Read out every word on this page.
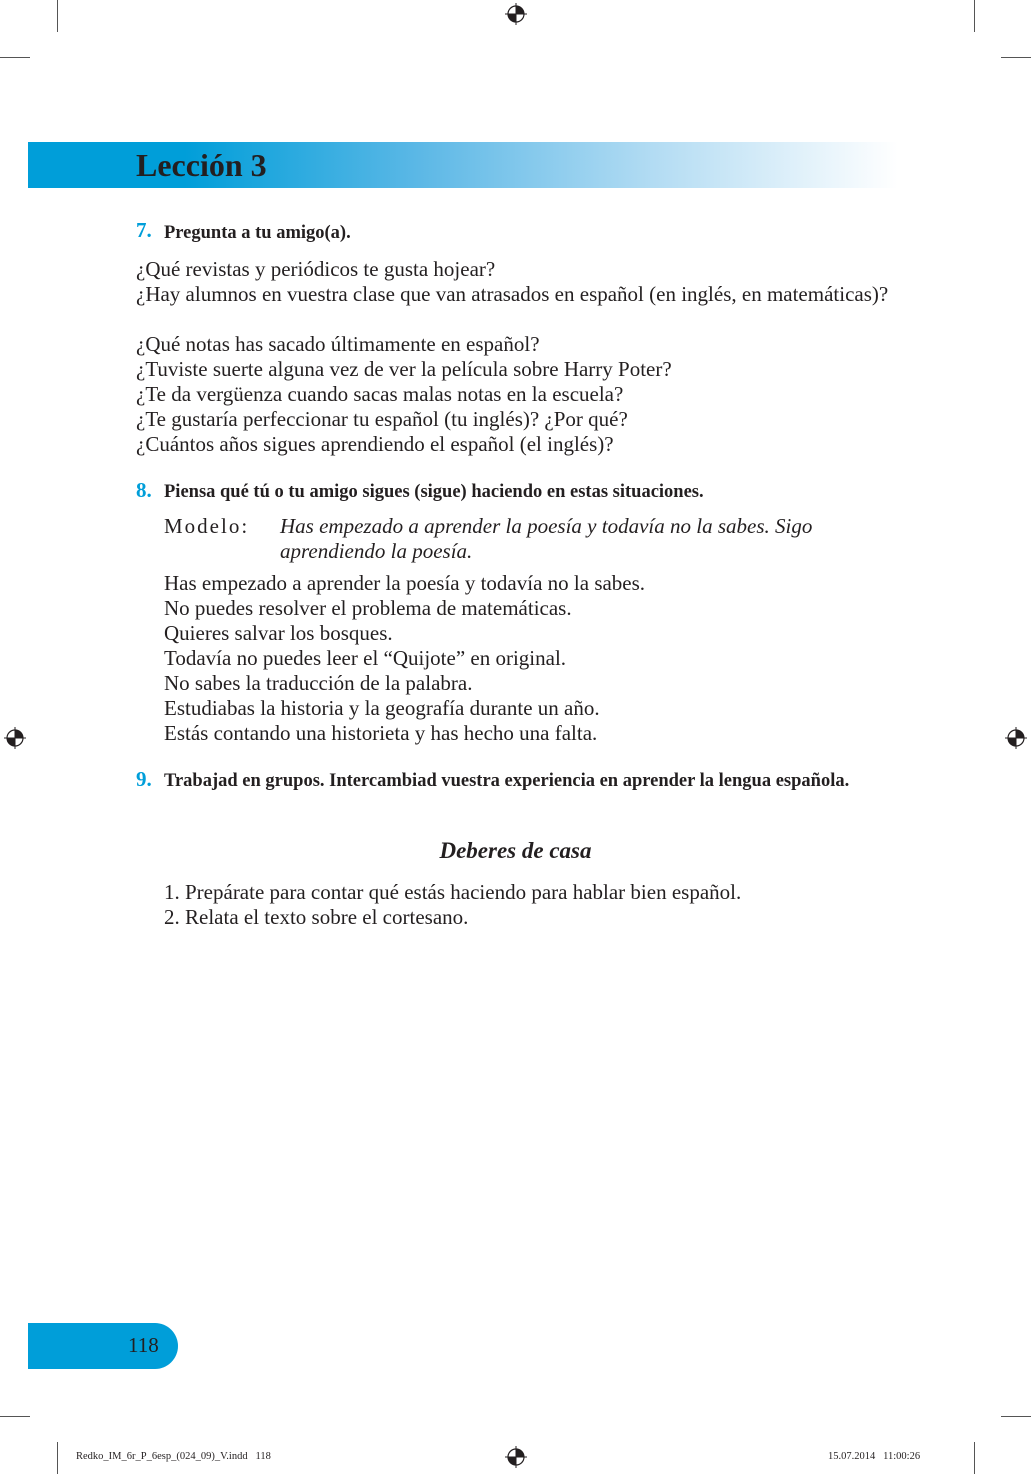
Lección 3
7. Pregunta a tu amigo(a).
¿Qué revistas y periódicos te gusta hojear?
¿Hay alumnos en vuestra clase que van atrasados en español (en inglés, en matemáticas)?
¿Qué notas has sacado últimamente en español?
¿Tuviste suerte alguna vez de ver la película sobre Harry Poter?
¿Te da vergüenza cuando sacas malas notas en la escuela?
¿Te gustaría perfeccionar tu español (tu inglés)? ¿Por qué?
¿Cuántos años sigues aprendiendo el español (el inglés)?
8. Piensa qué tú o tu amigo sigues (sigue) haciendo en estas situaciones.
Modelo: Has empezado a aprender la poesía y todavía no la sabes. Sigo aprendiendo la poesía.
Has empezado a aprender la poesía y todavía no la sabes.
No puedes resolver el problema de matemáticas.
Quieres salvar los bosques.
Todavía no puedes leer el “Quijote” en original.
No sabes la traducción de la palabra.
Estudiabas la historia y la geografía durante un año.
Estás contando una historieta y has hecho una falta.
9. Trabajad en grupos. Intercambiad vuestra experiencia en aprender la lengua española.
Deberes de casa
1. Prepárate para contar qué estás haciendo para hablar bien español.
2. Relata el texto sobre el cortesano.
118
Redko_IM_6r_P_6esp_(024_09)_V.indd   118	15.07.2014   11:00:26
